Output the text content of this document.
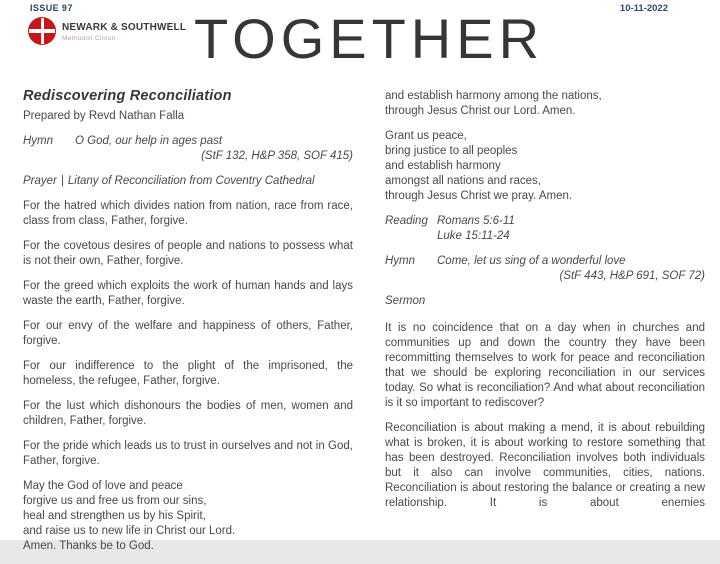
ISSUE 97	10-11-2022
NEWARK & SOUTHWELL
Methodist Circuit	TOGETHER
Rediscovering Reconciliation
Prepared by Revd Nathan Falla
Hymn	O God, our help in ages past
(StF 132, H&P 358, SOF 415)
Prayer | Litany of Reconciliation from Coventry Cathedral

For the hatred which divides nation from nation, race from race, class from class, Father, forgive.

For the covetous desires of people and nations to possess what is not their own, Father, forgive.

For the greed which exploits the work of human hands and lays waste the earth, Father, forgive.

For our envy of the welfare and happiness of others, Father, forgive.

For our indifference to the plight of the imprisoned, the homeless, the refugee, Father, forgive.

For the lust which dishonours the bodies of men, women and children, Father, forgive.

For the pride which leads us to trust in ourselves and not in God, Father, forgive.

May the God of love and peace
forgive us and free us from our sins,
heal and strengthen us by his Spirit,
and raise us to new life in Christ our Lord.
Amen. Thanks be to God.
and establish harmony among the nations,
through Jesus Christ our Lord. Amen.
Grant us peace,
bring justice to all peoples
and establish harmony
amongst all nations and races,
through Jesus Christ we pray. Amen.
Reading Romans 5:6-11
Luke 15:11-24
Hymn	Come, let us sing of a wonderful love
(StF 443, H&P 691, SOF 72)
Sermon

It is no coincidence that on a day when in churches and communities up and down the country they have been recommitting themselves to work for peace and reconciliation that we should be exploring reconciliation in our services today. So what is reconciliation? And what about reconciliation is it so important to rediscover?

Reconciliation is about making a mend, it is about rebuilding what is broken, it is about working to restore something that has been destroyed. Reconciliation involves both individuals but it also can involve communities, cities, nations. Reconciliation is about restoring the balance or creating a new relationship. It is about enemies
